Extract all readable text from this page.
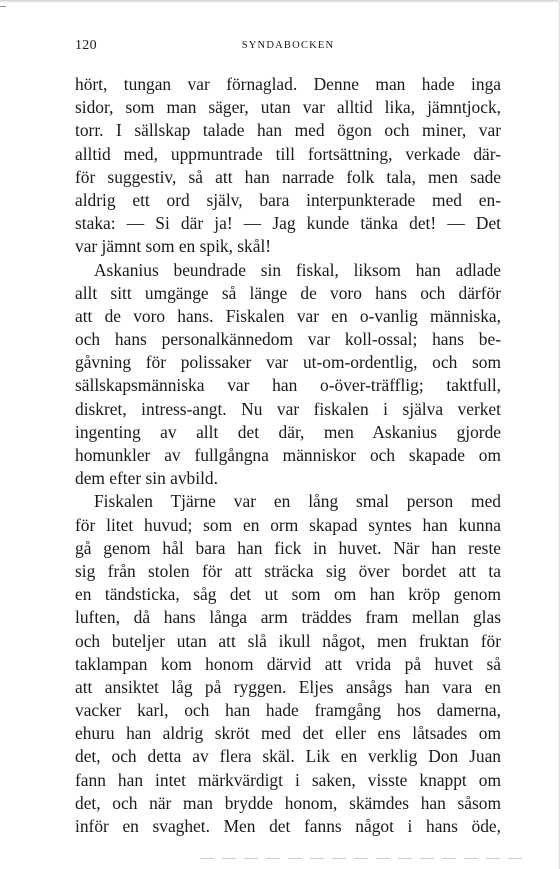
120	SYNDABOCKEN
hört, tungan var förnaglad. Denne man hade inga
sidor, som man säger, utan var alltid lika, jämntjock,
torr. I sällskap talade han med ögon och miner, var
alltid med, uppmuntrade till fortsättning, verkade där-
för suggestiv, så att han narrade folk tala, men sade
aldrig ett ord själv, bara interpunkterade med en-
staka: — Si där ja! — Jag kunde tänka det! — Det
var jämnt som en spik, skål!
Askanius beundrade sin fiskal, liksom han adlade
allt sitt umgänge så länge de voro hans och därför
att de voro hans. Fiskalen var en o-vanlig människa,
och hans personalkännedom var koll-ossal; hans be-
gåvning för polissaker var ut-om-ordentlig, och som
sällskapsmänniska var han o-över-träfflig; taktfull,
diskret, intress-angt. Nu var fiskalen i själva verket
ingenting av allt det där, men Askanius gjorde
homunkler av fullgångna människor och skapade om
dem efter sin avbild.
Fiskalen Tjärne var en lång smal person med
för litet huvud; som en orm skapad syntes han kunna
gå genom hål bara han fick in huvet. När han reste
sig från stolen för att sträcka sig över bordet att ta
en tändsticka, såg det ut som om han kröp genom
luften, då hans långa arm träddes fram mellan glas
och buteljer utan att slå ikull något, men fruktan för
taklampan kom honom därvid att vrida på huvet så
att ansiktet låg på ryggen. Eljes ansågs han vara en
vacker karl, och han hade framgång hos damerna,
ehuru han aldrig skröt med det eller ens låtsades om
det, och detta av flera skäl. Lik en verklig Don Juan
fann han intet märkvärdigt i saken, visste knappt om
det, och när man brydde honom, skämdes han såsom
inför en svaghet. Men det fanns något i hans öde,
